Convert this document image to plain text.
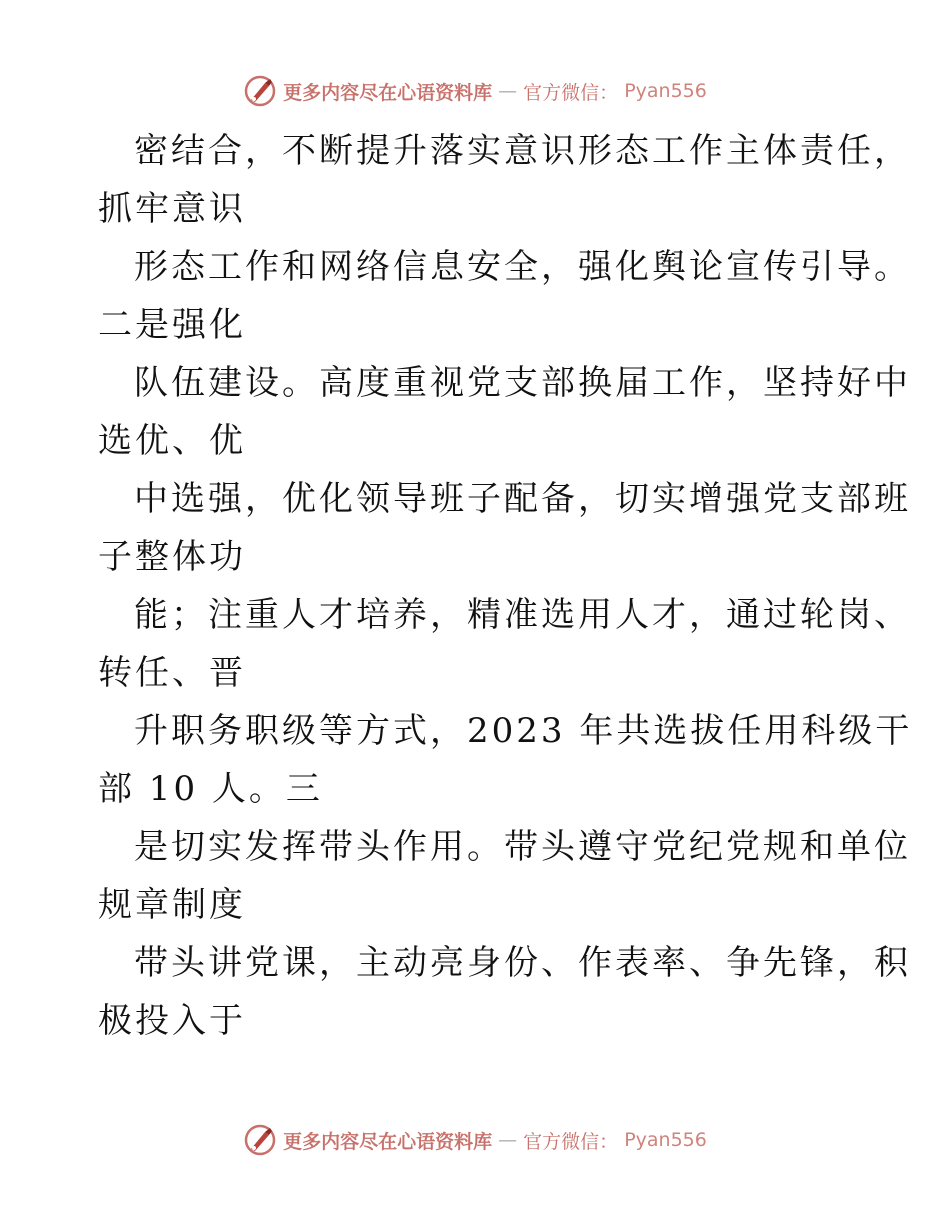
更多内容尽在心语资料库 — 官方微信： Pyan556
密结合，不断提升落实意识形态工作主体责任，
抓牢意识
形态工作和网络信息安全，强化舆论宣传引导。
二是强化
队伍建设。高度重视党支部换届工作，坚持好中
选优、优
中选强，优化领导班子配备，切实增强党支部班
子整体功
能；注重人才培养，精准选用人才，通过轮岗、
转任、晋
升职务职级等方式，2023 年共选拔任用科级干
部 10 人。三
是切实发挥带头作用。带头遵守党纪党规和单位
规章制度
带头讲党课，主动亮身份、作表率、争先锋，积
极投入于
更多内容尽在心语资料库 — 官方微信： Pyan556
